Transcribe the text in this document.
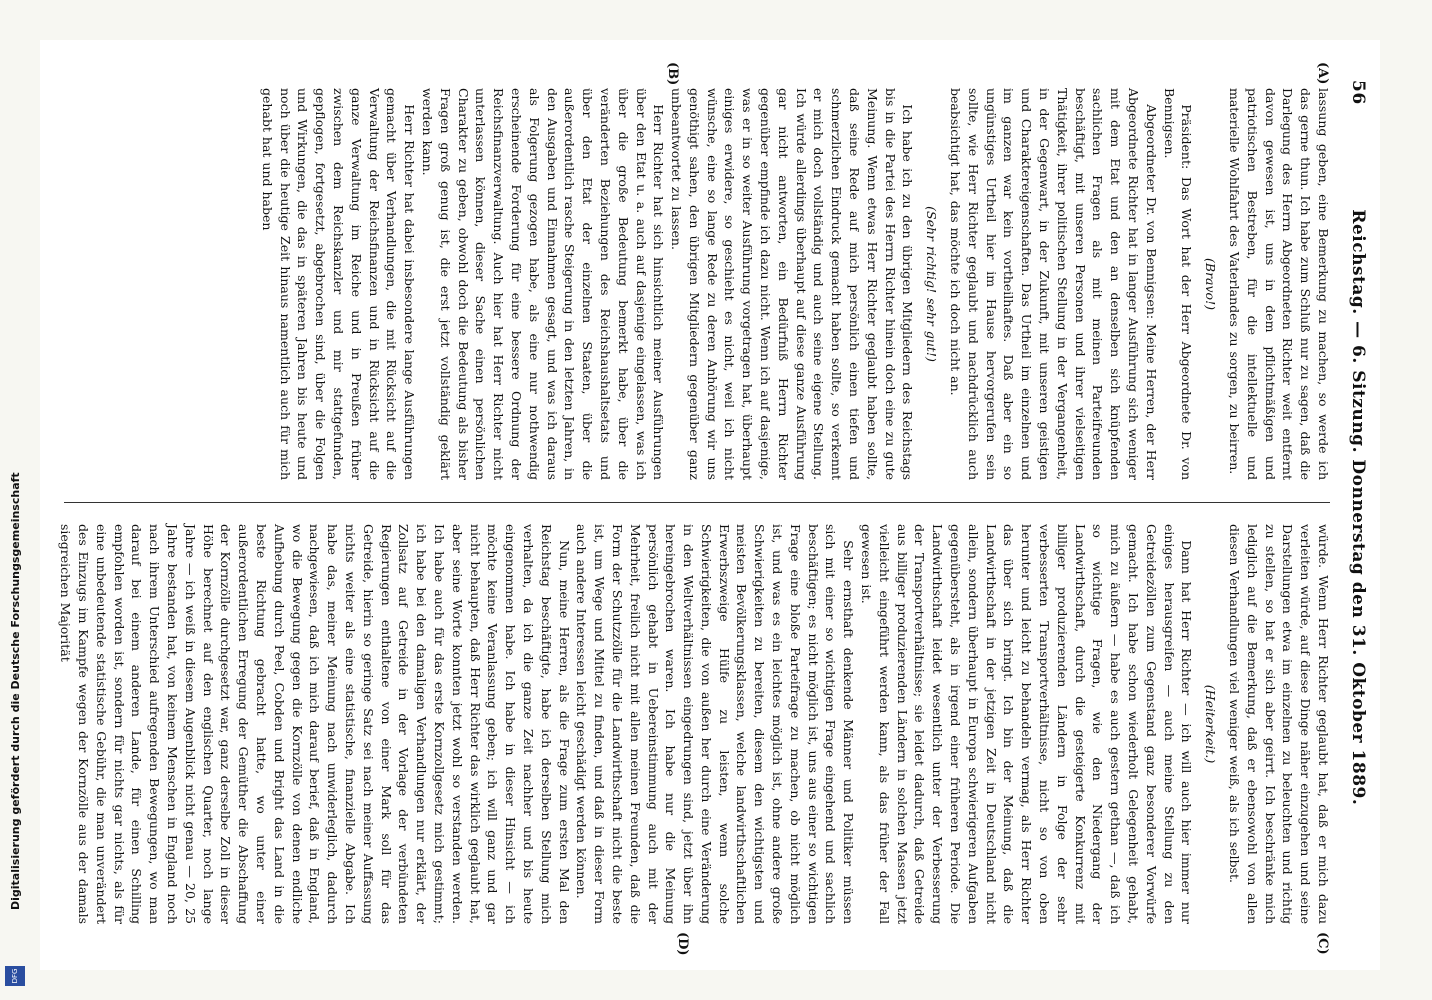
56
Reichstag. — 6. Sitzung. Donnerstag den 31. Oktober 1889.
(A)
(B)
(C)
(D)

lassung geben, eine Bemerkung zu machen, so werde ich das gerne thun. Ich habe zum Schluß nur zu sagen, daß die Darlegung des Herrn Abgeordneten Richter weit entfernt davon gewesen ist, uns in dem pflichtmäßigen und patriotischen Bestreben, für die intellektuelle und materielle Wohlfahrt des Vaterlandes zu sorgen, zu beirren.

(Bravo!)

Präsident: Das Wort hat der Herr Abgeordnete Dr. von Bennigsen.

Abgeordneter Dr. von Bennigsen: Meine Herren, der Herr Abgeordnete Richter hat in langer Ausführung sich weniger mit dem Etat und den an denselben sich knüpfenden sachlichen Fragen als mit meinen Parteifreunden beschäftigt, mit unseren Personen und ihrer vielseitigen Thätigkeit, ihrer politischen Stellung in der Vergangenheit, in der Gegenwart, in der Zukunft, mit unseren geistigen und Charaktereigenschaften. Das Urtheil im einzelnen und im ganzen war kein vortheilhaftes. Daß aber ein so ungünstiges Urtheil hier im Hause hervorgerufen sein sollte, wie Herr Richter geglaubt und nachdrücklich auch beabsichtigt hat, das möchte ich doch nicht an.

(Sehr richtig! sehr gut!)

Ich habe ich zu den übrigen Mitgliedern des Reichstags bis in die Partei des Herrn Richter hinein doch eine zu gute Meinung. Wenn etwas Herr Richter geglaubt haben sollte, daß seine Rede auf mich persönlich einen tiefen und schmerzlichen Eindruck gemacht haben sollte, so verkennt er mich doch vollständig und auch seine eigene Stellung. Ich würde allerdings überhaupt auf diese ganze Ausführung gar nicht antworten, ein Bedürfniß Herrn Richter gegenüber empfinde ich dazu nicht. Wenn ich auf dasjenige, was er in so weiter Ausführung vorgetragen hat, überhaupt einiges erwidere, so geschieht es nicht, weil ich nicht wünsche, eine so lange Rede zu deren Anhörung wir uns genöthigt sahen, den übrigen Mitgliedern gegenüber ganz unbeantwortet zu lassen.

Herr Richter hat sich hinsichtlich meiner Ausführungen über den Etat u. a. auch auf dasjenige eingelassen, was ich über die große Bedeutung bemerkt habe, über die veränderten Beziehungen des Reichshaushaltsetats und über den Etat der einzelnen Staaten, über die außerordentlich rasche Steigerung in den letzten Jahren, in den Ausgaben und Einnahmen gesagt, und was ich daraus als Folgerung gezogen habe, als eine nur nothwendig erscheinende Forderung für eine bessere Ordnung der Reichsfinanzverwaltung. Auch hier hat Herr Richter nicht unterlassen können, dieser Sache einen persönlichen Charakter zu geben, obwohl doch die Bedeutung als bisher Fragen groß genug ist, die erst jetzt vollständig geklärt werden kann.

Herr Richter hat dabei insbesondere lange Ausführungen gemacht über Verhandlungen, die mit Rücksicht auf die Verwaltung der Reichsfinanzen und in Rücksicht auf die ganze Verwaltung im Reiche und in Preußen früher zwischen dem Reichskanzler und mir stattgefunden, gepflogen, fortgesetzt, abgebrochen sind, über die Folgen und Wirkungen, die das in späteren Jahren bis heute und noch über die heutige Zeit hinaus namentlich auch für mich gehabt hat und haben

würde. Wenn Herr Richter geglaubt hat, daß er mich dazu verleiten würde, auf diese Dinge näher einzugehen und seine Darstellungen etwa im einzelnen zu beleuchten und richtig zu stellen, so hat er sich aber geirrt. Ich beschränke mich lediglich auf die Bemerkung, daß er ebensowohl von allen diesen Verhandlungen viel weniger weiß, als ich selbst.

(Heiterkeit.)

Dann hat Herr Richter — ich will auch hier immer nur einiges herausgreifen — auch meine Stellung zu den Getreidezöllen zum Gegenstand ganz besonderer Vorwürfe gemacht. Ich habe schon wiederholt Gelegenheit gehabt, mich zu äußern — habe es auch gestern gethan —, daß ich so wichtige Fragen, wie den Niedergang der Landwirthschaft, durch die gesteigerte Konkurrenz mit billiger produzierenden Ländern in Folge der sehr verbesserten Transportverhältnisse, nicht so von oben herunter und leicht zu behandeln vermag, als Herr Richter das über sich bringt. Ich bin der Meinung, daß die Landwirthschaft in der jetzigen Zeit in Deutschland nicht allein, sondern überhaupt in Europa schwierigeren Aufgaben gegenübersteht, als in irgend einer früheren Periode. Die Landwirthschaft leidet wesentlich unter der Verbesserung der Transportverhältnisse; sie leidet dadurch, daß Getreide aus billiger produzierenden Ländern in solchen Massen jetzt vielleicht eingeführt werden kann, als das früher der Fall gewesen ist.

Sehr ernsthaft denkende Männer und Politiker müssen sich mit einer so wichtigen Frage eingehend und sachlich beschäftigen; es nicht möglich ist, uns aus einer so wichtigen Frage eine bloße Parteifrage zu machen, ob nicht möglich ist, und was es ein leichtes möglich ist, ohne andere große Schwierigkeiten zu bereiten, diesem den wichtigsten und meisten Bevölkerungsklassen, welche landwirthschaftlichen Erwerbszweige Hülfe zu leisten, wenn solche Schwierigkeiten, die von außen her durch eine Veränderung in den Weltverhältnissen eingedrungen sind, jetzt über ihn hereingebrochen waren. Ich habe nur die Meinung persönlich gehabt in Uebereinstimmung auch mit der Mehrheit, freilich nicht mit allen meinen Freunden, daß die Form der Schutzzölle für die Landwirthschaft nicht die beste ist, um Wege und Mittel zu finden, und daß in dieser Form auch andere Interessen leicht geschädigt werden können.

Nun, meine Herren, als die Frage zum ersten Mal den Reichstag beschäftigte, habe ich derselben Stellung mich verhalten, da ich die ganze Zeit nachher und bis heute eingenommen habe. Ich habe in dieser Hinsicht — ich möchte keine Veranlassung geben; ich will ganz und gar nicht behaupten, daß Herr Richter das wirklich geglaubt hat, aber seine Worte konnten jetzt wohl so verstanden werden. Ich habe auch für das erste Kornzollgesetz mich gestimmt; ich habe bei den damaligen Verhandlungen nur erklärt, der Zollsatz auf Getreide in der Vorlage der verbündeten Regierungen enthaltene von einer Mark soll für das Getreide, hierin so geringe Satz sei nach meiner Auffassung nichts weiter als eine statistische, finanzielle Abgabe. Ich habe das, meiner Meinung nach unwiderleglich, dadurch nachgewiesen, daß ich mich darauf berief, daß in England, wo die Bewegung gegen die Kornzölle von denen endliche Aufhebung durch Peel, Cobden und Bright das Land in die beste Richtung gebracht hatte, wo unter einer außerordentlichen Erregung der Gemüther die Abschaffung der Kornzölle durchgesetzt war, ganz derselbe Zoll in dieser Höhe berechnet auf den englischen Quarter, noch lange Jahre — ich weiß in diesem Augenblick nicht genau — 20, 25 Jahre bestanden hat, von keinem Menschen in England noch nach ihrem Unterschied aufregenden Bewegungen, wo man darauf bei einem anderen Lande, für einen Schilling empfohlen worden ist, sondern für nichts gar nichts, als für eine unbedeutende statistische Gebühr, die man unverändert des Einzugs im Kampfe wegen der Kornzölle aus der damals siegreichen Majorität

Digitalisierung gefördert durch die Deutsche Forschungsgemeinschaft
DFG
